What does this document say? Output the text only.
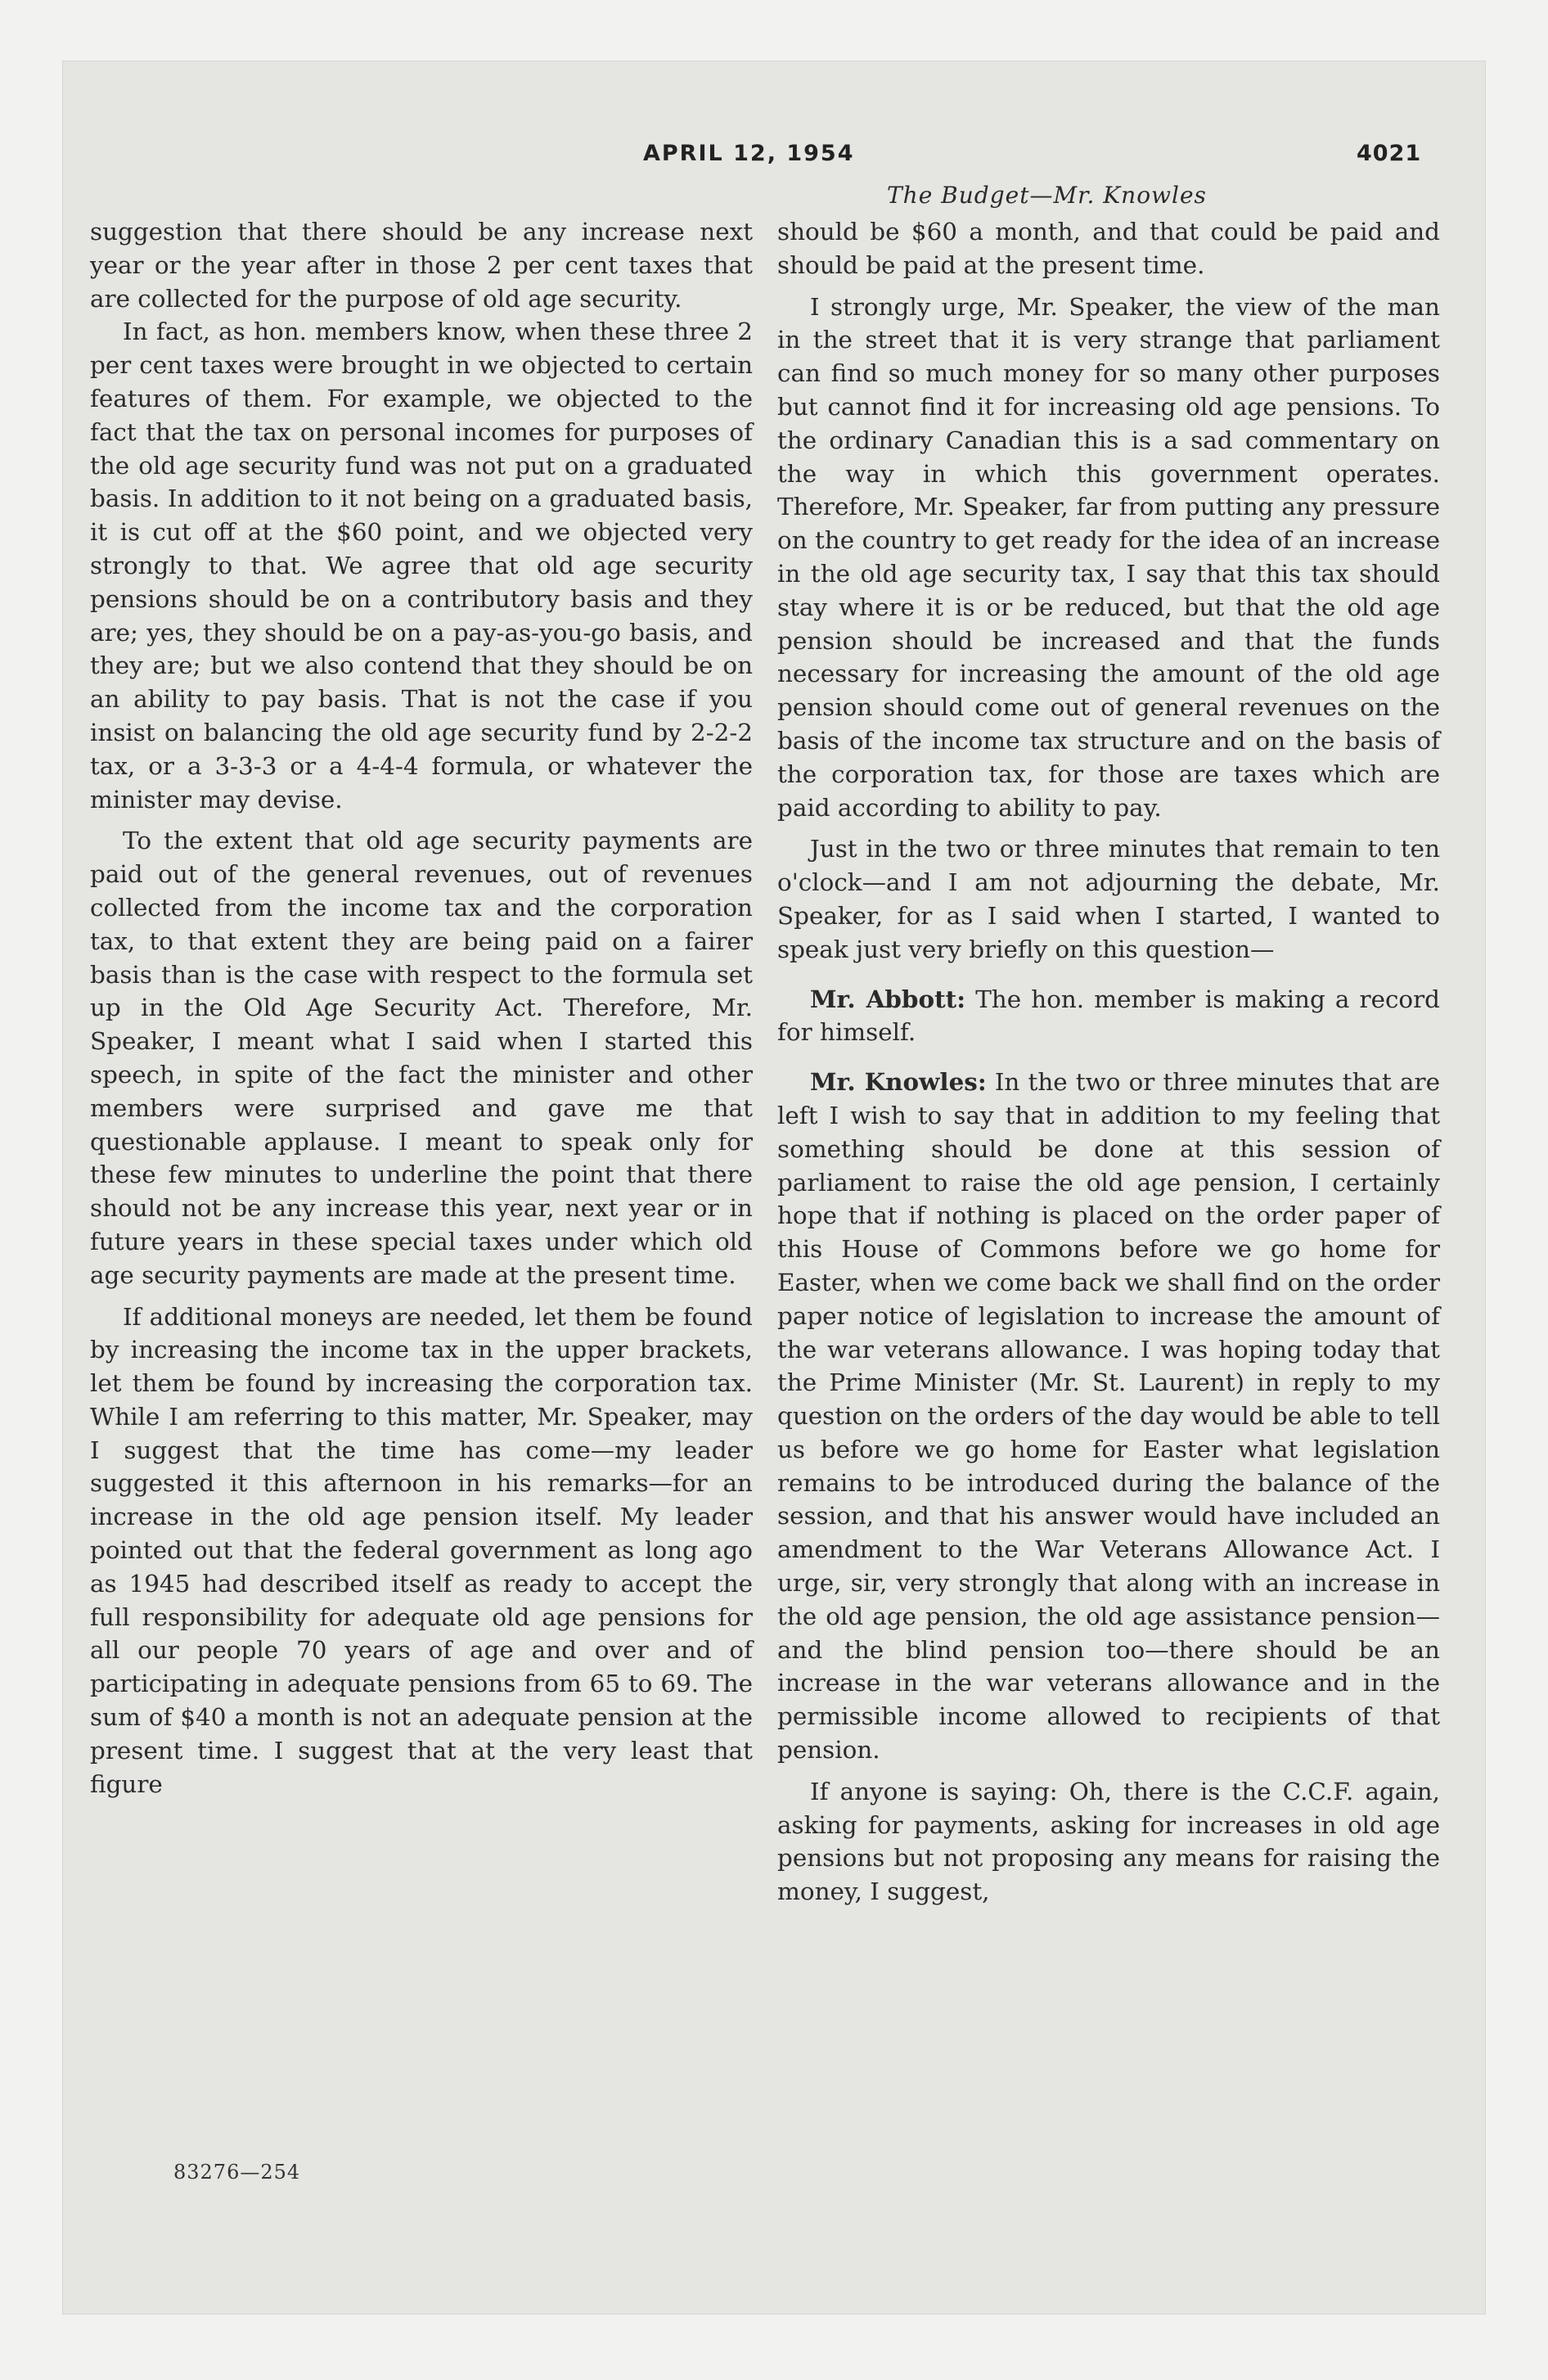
APRIL 12, 1954	4021
The Budget—Mr. Knowles

suggestion that there should be any increase next year or the year after in those 2 per cent taxes that are collected for the purpose of old age security.

In fact, as hon. members know, when these three 2 per cent taxes were brought in we objected to certain features of them. For example, we objected to the fact that the tax on personal incomes for purposes of the old age security fund was not put on a graduated basis. In addition to it not being on a graduated basis, it is cut off at the $60 point, and we objected very strongly to that. We agree that old age security pensions should be on a contributory basis and they are; yes, they should be on a pay-as-you-go basis, and they are; but we also contend that they should be on an ability to pay basis. That is not the case if you insist on balancing the old age security fund by 2-2-2 tax, or a 3-3-3 or a 4-4-4 formula, or whatever the minister may devise.

To the extent that old age security payments are paid out of the general revenues, out of revenues collected from the income tax and the corporation tax, to that extent they are being paid on a fairer basis than is the case with respect to the formula set up in the Old Age Security Act. Therefore, Mr. Speaker, I meant what I said when I started this speech, in spite of the fact the minister and other members were surprised and gave me that questionable applause. I meant to speak only for these few minutes to underline the point that there should not be any increase this year, next year or in future years in these special taxes under which old age security payments are made at the present time.

If additional moneys are needed, let them be found by increasing the income tax in the upper brackets, let them be found by increasing the corporation tax. While I am referring to this matter, Mr. Speaker, may I suggest that the time has come—my leader suggested it this afternoon in his remarks—for an increase in the old age pension itself. My leader pointed out that the federal government as long ago as 1945 had described itself as ready to accept the full responsibility for adequate old age pensions for all our people 70 years of age and over and of participating in adequate pensions from 65 to 69. The sum of $40 a month is not an adequate pension at the present time. I suggest that at the very least that figure

should be $60 a month, and that could be paid and should be paid at the present time.

I strongly urge, Mr. Speaker, the view of the man in the street that it is very strange that parliament can find so much money for so many other purposes but cannot find it for increasing old age pensions. To the ordinary Canadian this is a sad commentary on the way in which this government operates. Therefore, Mr. Speaker, far from putting any pressure on the country to get ready for the idea of an increase in the old age security tax, I say that this tax should stay where it is or be reduced, but that the old age pension should be increased and that the funds necessary for increasing the amount of the old age pension should come out of general revenues on the basis of the income tax structure and on the basis of the corporation tax, for those are taxes which are paid according to ability to pay.

Just in the two or three minutes that remain to ten o'clock—and I am not adjourning the debate, Mr. Speaker, for as I said when I started, I wanted to speak just very briefly on this question—

Mr. Abbott: The hon. member is making a record for himself.

Mr. Knowles: In the two or three minutes that are left I wish to say that in addition to my feeling that something should be done at this session of parliament to raise the old age pension, I certainly hope that if nothing is placed on the order paper of this House of Commons before we go home for Easter, when we come back we shall find on the order paper notice of legislation to increase the amount of the war veterans allowance. I was hoping today that the Prime Minister (Mr. St. Laurent) in reply to my question on the orders of the day would be able to tell us before we go home for Easter what legislation remains to be introduced during the balance of the session, and that his answer would have included an amendment to the War Veterans Allowance Act. I urge, sir, very strongly that along with an increase in the old age pension, the old age assistance pension—and the blind pension too—there should be an increase in the war veterans allowance and in the permissible income allowed to recipients of that pension.

If anyone is saying: Oh, there is the C.C.F. again, asking for payments, asking for increases in old age pensions but not proposing any means for raising the money, I suggest,

83276—254
